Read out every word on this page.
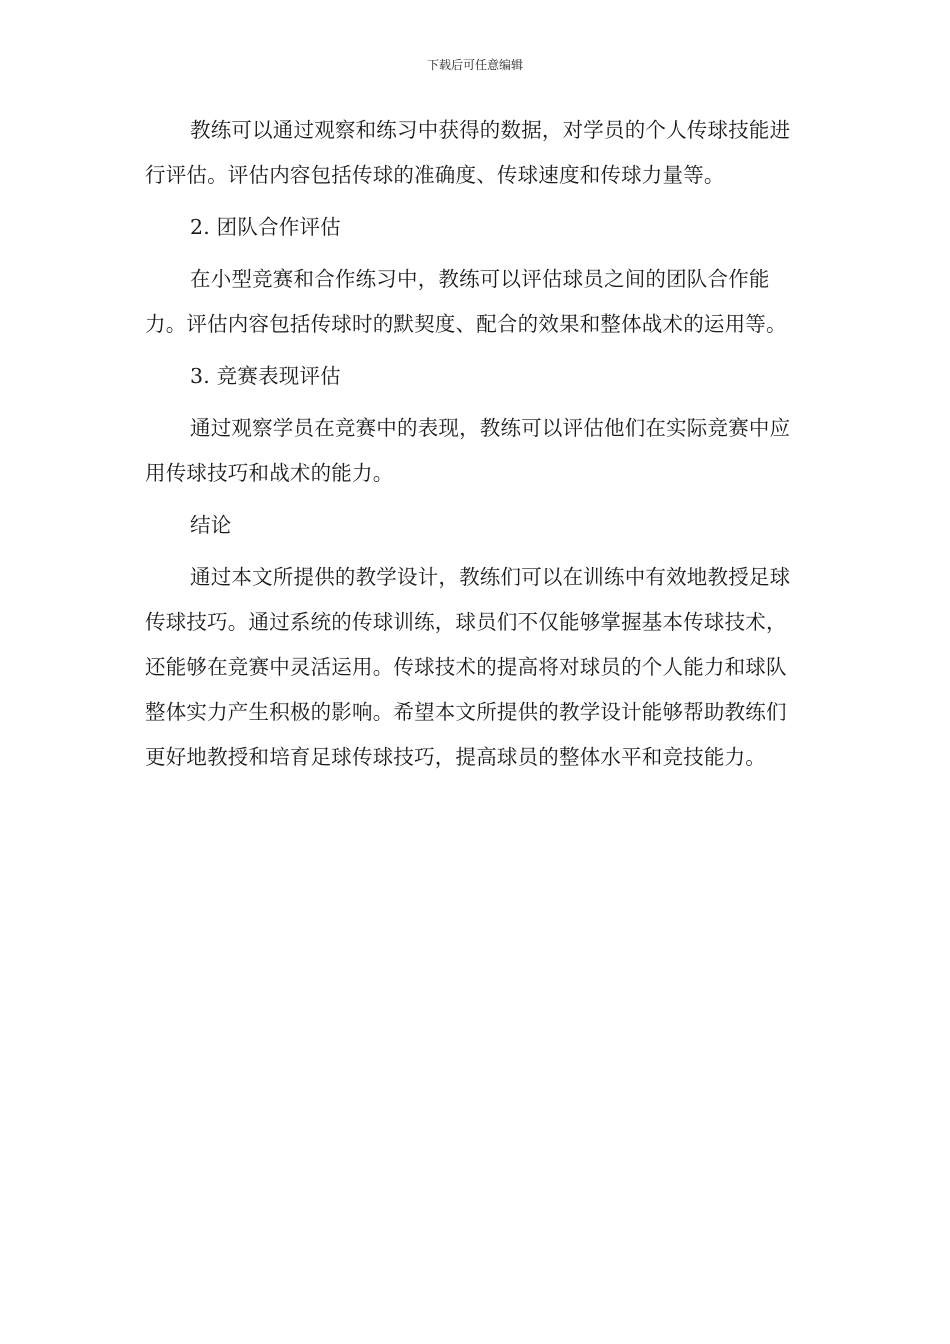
下载后可任意编辑

教练可以通过观察和练习中获得的数据，对学员的个人传球技能进行评估。评估内容包括传球的准确度、传球速度和传球力量等。

2. 团队合作评估

在小型竞赛和合作练习中，教练可以评估球员之间的团队合作能力。评估内容包括传球时的默契度、配合的效果和整体战术的运用等。

3. 竞赛表现评估

通过观察学员在竞赛中的表现，教练可以评估他们在实际竞赛中应用传球技巧和战术的能力。

结论

通过本文所提供的教学设计，教练们可以在训练中有效地教授足球传球技巧。通过系统的传球训练，球员们不仅能够掌握基本传球技术，还能够在竞赛中灵活运用。传球技术的提高将对球员的个人能力和球队整体实力产生积极的影响。希望本文所提供的教学设计能够帮助教练们更好地教授和培育足球传球技巧，提高球员的整体水平和竞技能力。
